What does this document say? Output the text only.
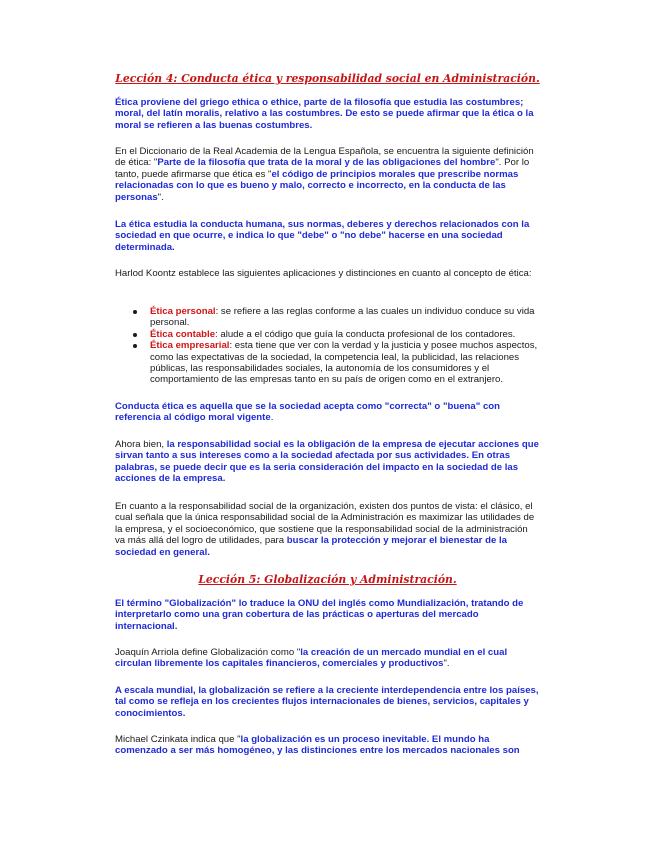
Lección 4: Conducta ética y responsabilidad social en Administración.

Ética proviene del griego ethica o ethice, parte de la filosofía que estudia las costumbres; moral, del latín moralis, relativo a las costumbres. De esto se puede afirmar que la ética o la moral se refieren a las buenas costumbres.

En el Diccionario de la Real Academia de la Lengua Española, se encuentra la siguiente definición de ética: "Parte de la filosofía que trata de la moral y de las obligaciones del hombre". Por lo tanto, puede afirmarse que ética es "el código de principios morales que prescribe normas relacionadas con lo que es bueno y malo, correcto e incorrecto, en la conducta de las personas".

La ética estudia la conducta humana, sus normas, deberes y derechos relacionados con la sociedad en que ocurre, e indica lo que "debe" o "no debe" hacerse en una sociedad determinada.

Harlod Koontz establece las siguientes aplicaciones y distinciones en cuanto al concepto de ética:

Ética personal: se refiere a las reglas conforme a las cuales un individuo conduce su vida personal.
Ética contable: alude a el código que guía la conducta profesional de los contadores.
Ética empresarial: esta tiene que ver con la verdad y la justicia y posee muchos aspectos, como las expectativas de la sociedad, la competencia leal, la publicidad, las relaciones públicas, las responsabilidades sociales, la autonomía de los consumidores y el comportamiento de las empresas tanto en su país de origen como en el extranjero.

Conducta ética es aquella que se la sociedad acepta como "correcta" o "buena" con referencia al código moral vigente.

Ahora bien, la responsabilidad social es la obligación de la empresa de ejecutar acciones que sirvan tanto a sus intereses como a la sociedad afectada por sus actividades. En otras palabras, se puede decir que es la seria consideración del impacto en la sociedad de las acciones de la empresa.

En cuanto a la responsabilidad social de la organización, existen dos puntos de vista: el clásico, el cual señala que la única responsabilidad social de la Administración es maximizar las utilidades de la empresa, y el socioeconómico, que sostiene que la responsabilidad social de la administración va más allá del logro de utilidades, para buscar la protección y mejorar el bienestar de la sociedad en general.

Lección 5: Globalización y Administración.

El término "Globalización" lo traduce la ONU del inglés como Mundialización, tratando de interpretarlo como una gran cobertura de las prácticas o aperturas del mercado internacional.

Joaquín Arriola define Globalización como "la creación de un mercado mundial en el cual circulan libremente los capitales financieros, comerciales y productivos".

A escala mundial, la globalización se refiere a la creciente interdependencia entre los países, tal como se refleja en los crecientes flujos internacionales de bienes, servicios, capitales y conocimientos.

Michael Czinkata indica que "la globalización es un proceso inevitable. El mundo ha comenzado a ser más homogéneo, y las distinciones entre los mercados nacionales son
